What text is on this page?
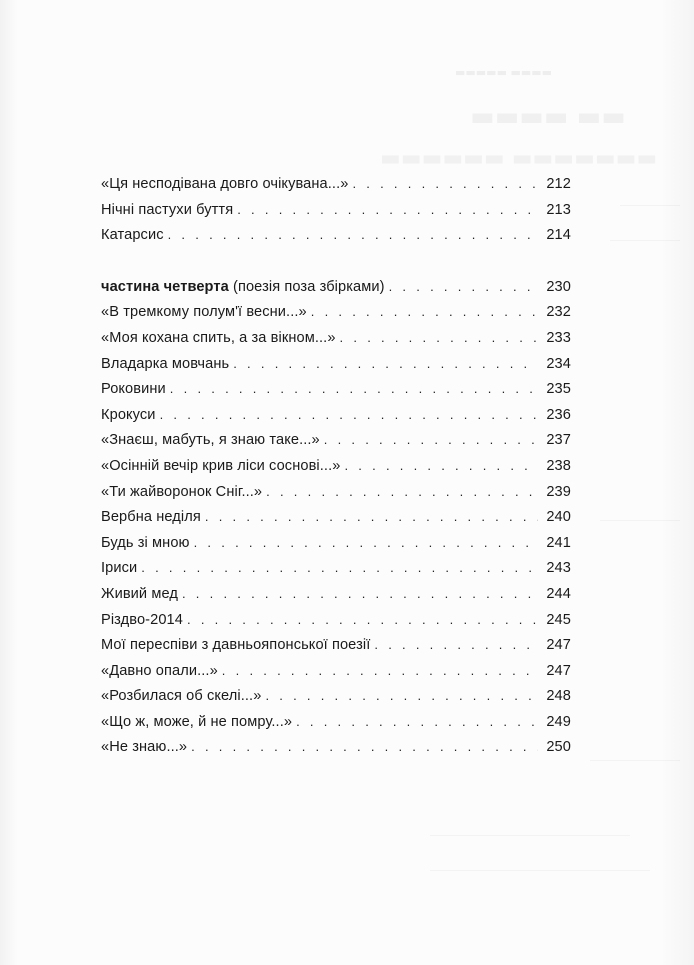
▬▬▬▬▬ ▬▬▬▬
«Ця несподівана довго очікувана...» . . .	212
Нічні пастухи буття . . .	213
Катарсис . . .	214
частина четверта (поезія поза збірками) . . .	230
«В тремкому полум'ї весни...» . . .	232
«Моя кохана спить, а за вікном...» . . .	233
Владарка мовчань . . .	234
Роковини . . .	235
Крокуси . . .	236
«Знаєш, мабуть, я знаю таке...» . . .	237
«Осінній вечір крив ліси соснові...» . . .	238
«Ти жайворонок Сніг...» . . .	239
Вербна неділя . . .	240
Будь зі мною . . .	241
Іриси . . .	243
Живий мед . . .	244
Різдво-2014 . . .	245
Мої переспіви з давньояпонської поезії . . .	247
«Давно опали...» . . .	247
«Розбилася об скелі...» . . .	248
«Що ж, може, й не помру...» . . .	249
«Не знаю...» . . .	250
